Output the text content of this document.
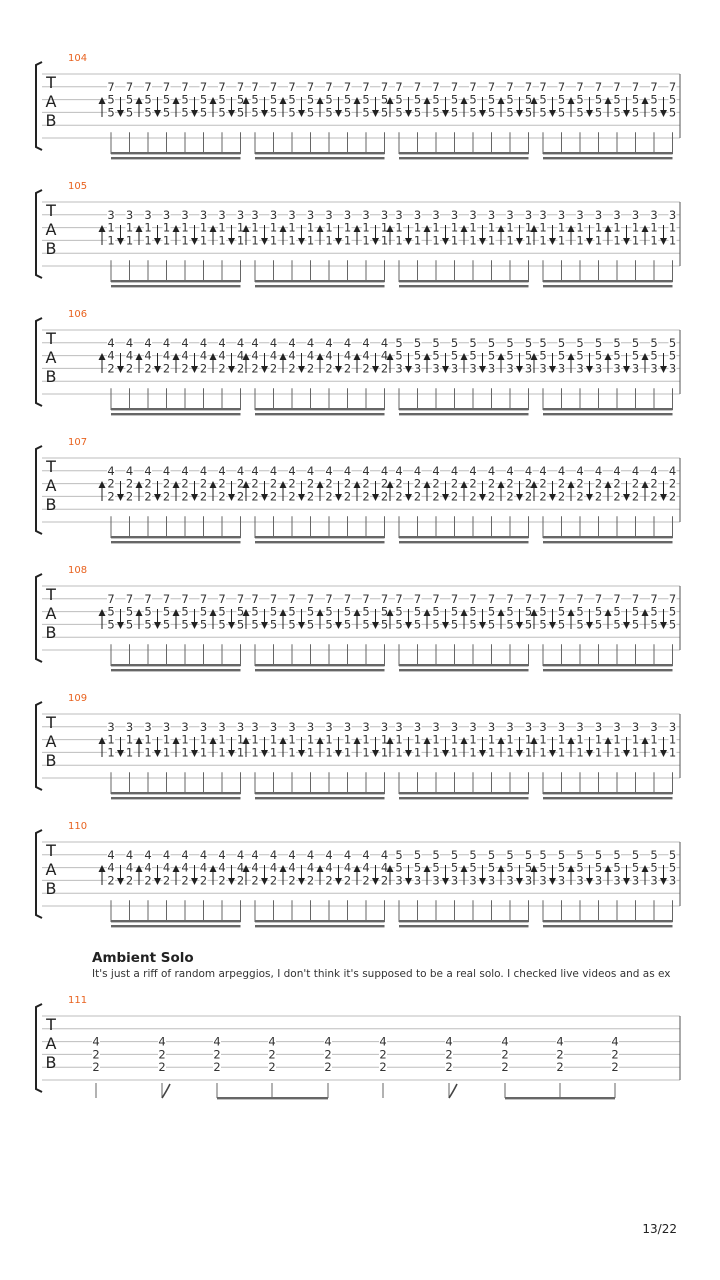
104
T
A
B
7
5
5
7
5
5
7
5
5
7
5
5
7
5
5
7
5
5
7
5
5
7
5
5
7
5
5
7
5
5
7
5
5
7
5
5
7
5
5
7
5
5
7
5
5
7
5
5
7
5
5
7
5
5
7
5
5
7
5
5
7
5
5
7
5
5
7
5
5
7
5
5
7
5
5
7
5
5
7
5
5
7
5
5
7
5
5
7
5
5
7
5
5
7
5
5
105
T
A
B
3
1
1
3
1
1
3
1
1
3
1
1
3
1
1
3
1
1
3
1
1
3
1
1
3
1
1
3
1
1
3
1
1
3
1
1
3
1
1
3
1
1
3
1
1
3
1
1
3
1
1
3
1
1
3
1
1
3
1
1
3
1
1
3
1
1
3
1
1
3
1
1
3
1
1
3
1
1
3
1
1
3
1
1
3
1
1
3
1
1
3
1
1
3
1
1
106
T
A
B
4
4
2
4
4
2
4
4
2
4
4
2
4
4
2
4
4
2
4
4
2
4
4
2
4
4
2
4
4
2
4
4
2
4
4
2
4
4
2
4
4
2
4
4
2
4
4
2
5
5
3
5
5
3
5
5
3
5
5
3
5
5
3
5
5
3
5
5
3
5
5
3
5
5
3
5
5
3
5
5
3
5
5
3
5
5
3
5
5
3
5
5
3
5
5
3
107
T
A
B
4
2
2
4
2
2
4
2
2
4
2
2
4
2
2
4
2
2
4
2
2
4
2
2
4
2
2
4
2
2
4
2
2
4
2
2
4
2
2
4
2
2
4
2
2
4
2
2
4
2
2
4
2
2
4
2
2
4
2
2
4
2
2
4
2
2
4
2
2
4
2
2
4
2
2
4
2
2
4
2
2
4
2
2
4
2
2
4
2
2
4
2
2
4
2
2
108
T
A
B
7
5
5
7
5
5
7
5
5
7
5
5
7
5
5
7
5
5
7
5
5
7
5
5
7
5
5
7
5
5
7
5
5
7
5
5
7
5
5
7
5
5
7
5
5
7
5
5
7
5
5
7
5
5
7
5
5
7
5
5
7
5
5
7
5
5
7
5
5
7
5
5
7
5
5
7
5
5
7
5
5
7
5
5
7
5
5
7
5
5
7
5
5
7
5
5
109
T
A
B
3
1
1
3
1
1
3
1
1
3
1
1
3
1
1
3
1
1
3
1
1
3
1
1
3
1
1
3
1
1
3
1
1
3
1
1
3
1
1
3
1
1
3
1
1
3
1
1
3
1
1
3
1
1
3
1
1
3
1
1
3
1
1
3
1
1
3
1
1
3
1
1
3
1
1
3
1
1
3
1
1
3
1
1
3
1
1
3
1
1
3
1
1
3
1
1
110
T
A
B
4
4
2
4
4
2
4
4
2
4
4
2
4
4
2
4
4
2
4
4
2
4
4
2
4
4
2
4
4
2
4
4
2
4
4
2
4
4
2
4
4
2
4
4
2
4
4
2
5
5
3
5
5
3
5
5
3
5
5
3
5
5
3
5
5
3
5
5
3
5
5
3
5
5
3
5
5
3
5
5
3
5
5
3
5
5
3
5
5
3
5
5
3
5
5
3
111
T
A
B
4
2
2
4
2
2
4
2
2
4
2
2
4
2
2
4
2
2
4
2
2
4
2
2
4
2
2
4
2
2
Ambient Solo
It's just a riff of random arpeggios, I don't think it's supposed to be a real solo. I checked live videos and as ex
13/22
